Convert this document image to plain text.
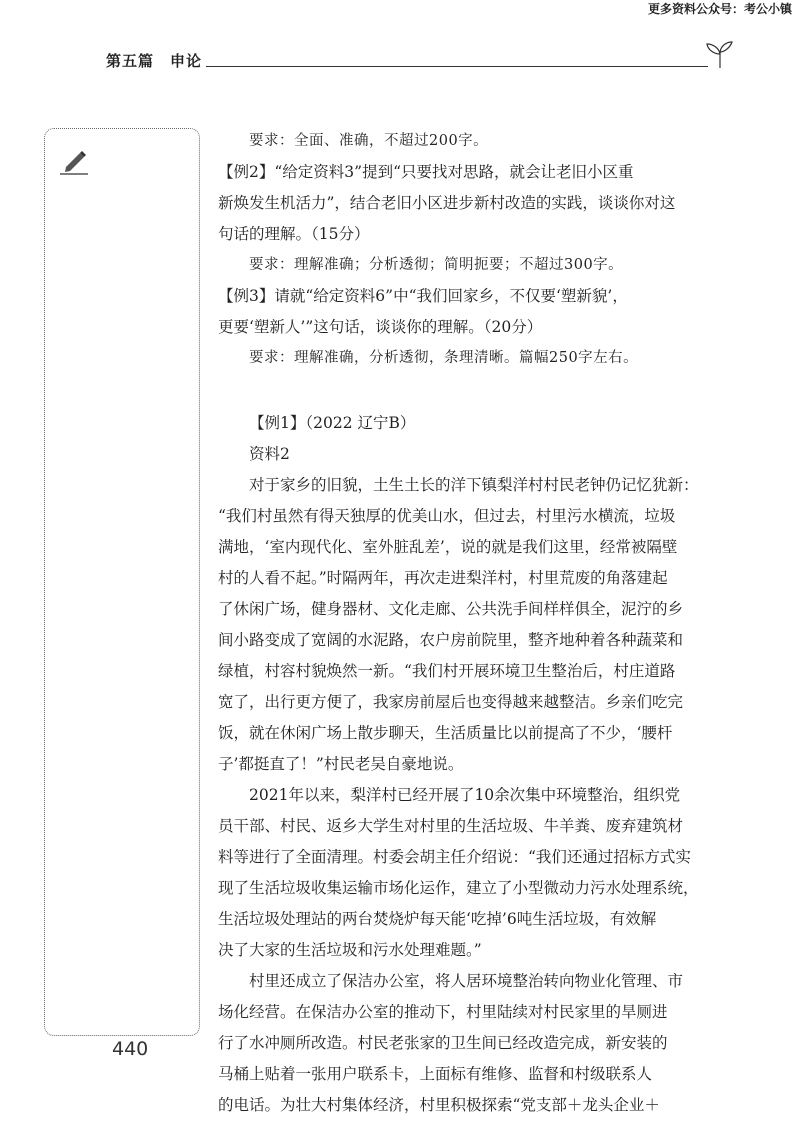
更多资料公众号：考公小镇
第五篇　申论
要求：全面、准确，不超过200字。
【例2】“给定资料3”提到“只要找对思路，就会让老旧小区重
新焕发生机活力”，结合老旧小区进步新村改造的实践，谈谈你对这
句话的理解。（15分）
要求：理解准确；分析透彻；简明扼要；不超过300字。
【例3】请就“给定资料6”中“我们回家乡，不仅要‘塑新貌’，
更要‘塑新人’”这句话，谈谈你的理解。（20分）
要求：理解准确，分析透彻，条理清晰。篇幅250字左右。
【例1】（2022 辽宁B）
资料2
对于家乡的旧貌，土生土长的洋下镇梨洋村村民老钟仍记忆犹新：
“我们村虽然有得天独厚的优美山水，但过去，村里污水横流，垃圾
满地，‘室内现代化、室外脏乱差’，说的就是我们这里，经常被隔壁
村的人看不起。”时隔两年，再次走进梨洋村，村里荒废的角落建起
了休闲广场，健身器材、文化走廊、公共洗手间样样俱全，泥泞的乡
间小路变成了宽阔的水泥路，农户房前院里，整齐地种着各种蔬菜和
绿植，村容村貌焕然一新。“我们村开展环境卫生整治后，村庄道路
宽了，出行更方便了，我家房前屋后也变得越来越整洁。乡亲们吃完
饭，就在休闲广场上散步聊天，生活质量比以前提高了不少，‘腰杆
子’都挺直了！”村民老吴自豪地说。
2021年以来，梨洋村已经开展了10余次集中环境整治，组织党
员干部、村民、返乡大学生对村里的生活垃圾、牛羊粪、废弃建筑材
料等进行了全面清理。村委会胡主任介绍说：“我们还通过招标方式实
现了生活垃圾收集运输市场化运作，建立了小型微动力污水处理系统，
生活垃圾处理站的两台焚烧炉每天能‘吃掉’6吨生活垃圾，有效解
决了大家的生活垃圾和污水处理难题。”
村里还成立了保洁办公室，将人居环境整治转向物业化管理、市
场化经营。在保洁办公室的推动下，村里陆续对村民家里的旱厕进
行了水冲厕所改造。村民老张家的卫生间已经改造完成，新安装的
马桶上贴着一张用户联系卡，上面标有维修、监督和村级联系人
的电话。为壮大村集体经济，村里积极探索“党支部＋龙头企业＋
440
